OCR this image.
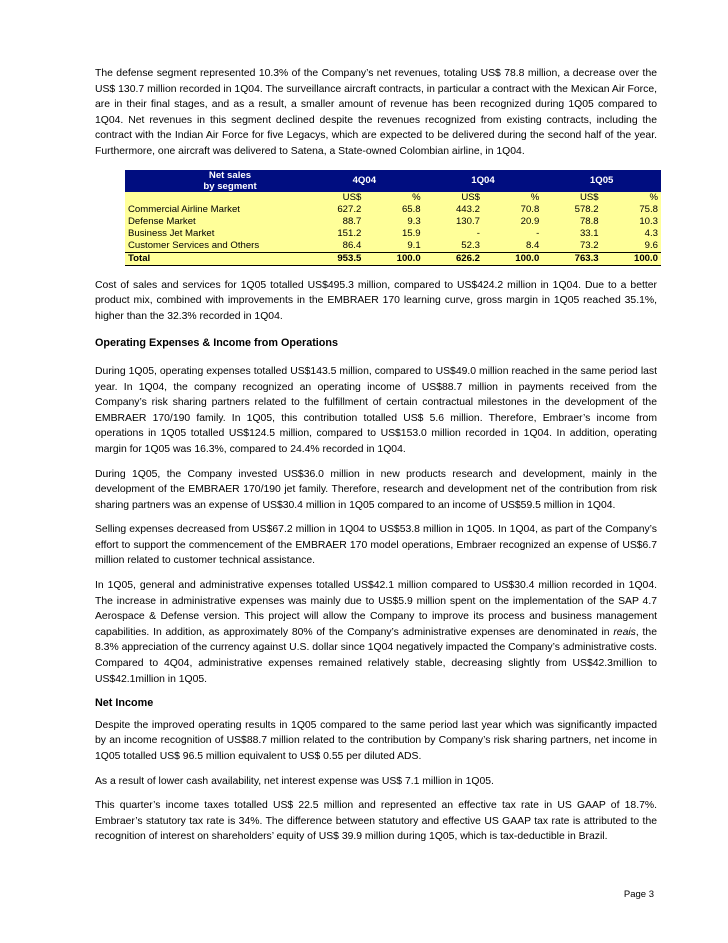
The defense segment represented 10.3% of the Company’s net revenues, totaling US$ 78.8 million, a decrease over the US$ 130.7 million recorded in 1Q04. The surveillance aircraft contracts, in particular a contract with the Mexican Air Force, are in their final stages, and as a result, a smaller amount of revenue has been recognized during 1Q05 compared to 1Q04. Net revenues in this segment declined despite the revenues recognized from existing contracts, including the contract with the Indian Air Force for five Legacys, which are expected to be delivered during the second half of the year. Furthermore, one aircraft was delivered to Satena, a State-owned Colombian airline, in 1Q04.

Net sales
by segment	4Q04		1Q04		1Q05	
	US$	%	US$	%	US$	%
Commercial Airline Market	627.2	65.8	443.2	70.8	578.2	75.8
Defense Market	88.7	9.3	130.7	20.9	78.8	10.3
Business Jet Market	151.2	15.9	-	-	33.1	4.3
Customer Services and Others	86.4	9.1	52.3	8.4	73.2	9.6
Total	953.5	100.0	626.2	100.0	763.3	100.0

Cost of sales and services for 1Q05 totalled US$495.3 million, compared to US$424.2 million in 1Q04. Due to a better product mix, combined with improvements in the EMBRAER 170 learning curve, gross margin in 1Q05 reached 35.1%, higher than the 32.3% recorded in 1Q04.

Operating Expenses & Income from Operations

During 1Q05, operating expenses totalled US$143.5 million, compared to US$49.0 million reached in the same period last year. In 1Q04, the company recognized an operating income of US$88.7 million in payments received from the Company’s risk sharing partners related to the fulfillment of certain contractual milestones in the development of the EMBRAER 170/190 family. In 1Q05, this contribution totalled US$ 5.6 million. Therefore, Embraer’s income from operations in 1Q05 totalled US$124.5 million, compared to US$153.0 million recorded in 1Q04. In addition, operating margin for 1Q05 was 16.3%, compared to 24.4% recorded in 1Q04.

During 1Q05, the Company invested US$36.0 million in new products research and development, mainly in the development of the EMBRAER 170/190 jet family. Therefore, research and development net of the contribution from risk sharing partners was an expense of US$30.4 million in 1Q05 compared to an income of US$59.5 million in 1Q04.

Selling expenses decreased from US$67.2 million in 1Q04 to US$53.8 million in 1Q05. In 1Q04, as part of the Company’s effort to support the commencement of the EMBRAER 170 model operations, Embraer recognized an expense of US$6.7 million related to customer technical assistance.

In 1Q05, general and administrative expenses totalled US$42.1 million compared to US$30.4 million recorded in 1Q04. The increase in administrative expenses was mainly due to US$5.9 million spent on the implementation of the SAP 4.7 Aerospace & Defense version. This project will allow the Company to improve its process and business management capabilities. In addition, as approximately 80% of the Company’s administrative expenses are denominated in reais, the 8.3% appreciation of the currency against U.S. dollar since 1Q04 negatively impacted the Company’s administrative costs. Compared to 4Q04, administrative expenses remained relatively stable, decreasing slightly from US$42.3million to US$42.1million in 1Q05.

Net Income

Despite the improved operating results in 1Q05 compared to the same period last year which was significantly impacted by an income recognition of US$88.7 million related to the contribution by Company’s risk sharing partners, net income in 1Q05 totalled US$ 96.5 million equivalent to US$ 0.55 per diluted ADS.

As a result of lower cash availability, net interest expense was US$ 7.1 million in 1Q05.

This quarter’s income taxes totalled US$ 22.5 million and represented an effective tax rate in US GAAP of 18.7%. Embraer’s statutory tax rate is 34%. The difference between statutory and effective US GAAP tax rate is attributed to the recognition of interest on shareholders’ equity of US$ 39.9 million during 1Q05, which is tax-deductible in Brazil.

Page 3
